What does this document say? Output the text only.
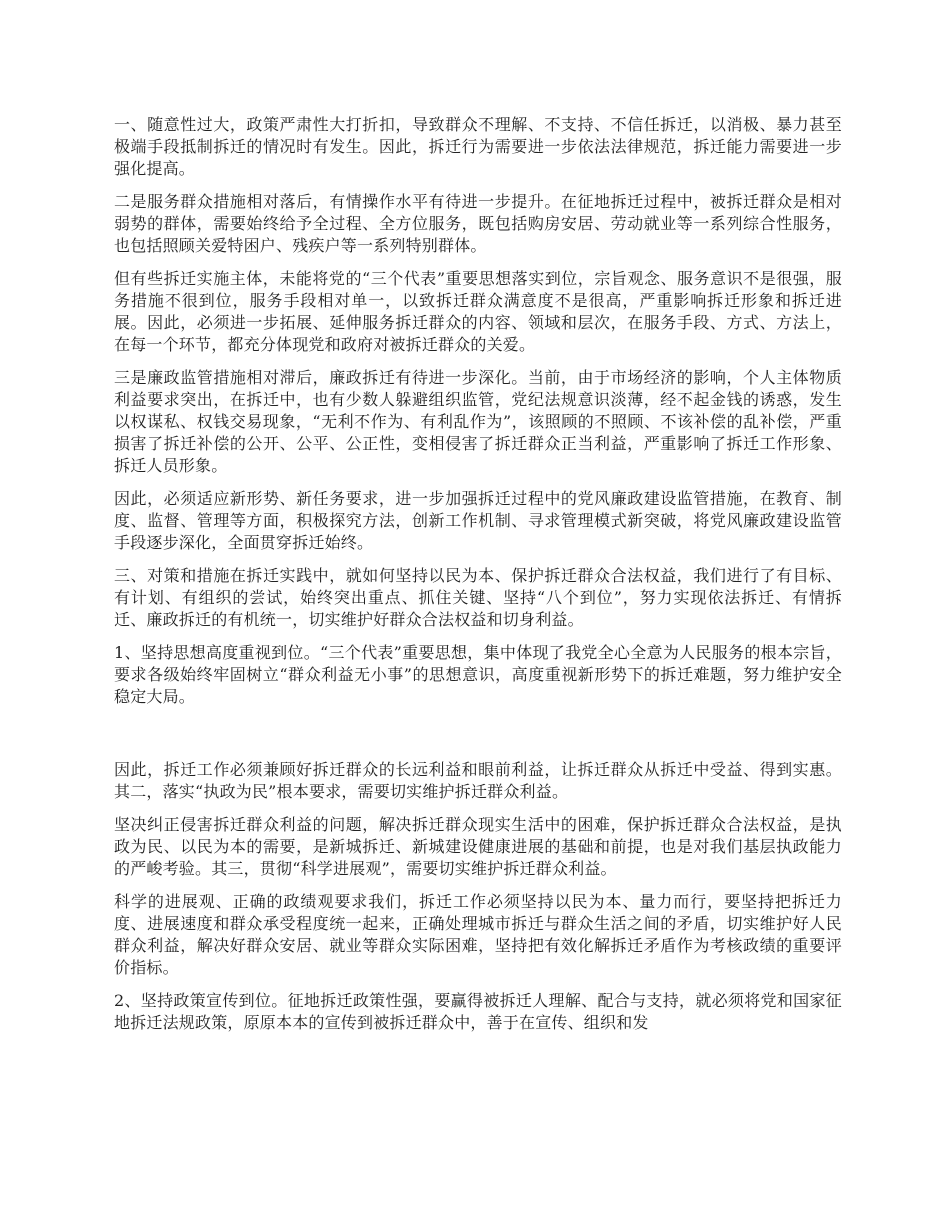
一、随意性过大，政策严肃性大打折扣，导致群众不理解、不支持、不信任拆迁，以消极、暴力甚至极端手段抵制拆迁的情况时有发生。因此，拆迁行为需要进一步依法法律规范，拆迁能力需要进一步强化提高。

二是服务群众措施相对落后，有情操作水平有待进一步提升。在征地拆迁过程中，被拆迁群众是相对弱势的群体，需要始终给予全过程、全方位服务，既包括购房安居、劳动就业等一系列综合性服务，也包括照顾关爱特困户、残疾户等一系列特别群体。

但有些拆迁实施主体，未能将党的“三个代表”重要思想落实到位，宗旨观念、服务意识不是很强，服务措施不很到位，服务手段相对单一，以致拆迁群众满意度不是很高，严重影响拆迁形象和拆迁进展。因此，必须进一步拓展、延伸服务拆迁群众的内容、领域和层次，在服务手段、方式、方法上，在每一个环节，都充分体现党和政府对被拆迁群众的关爱。

三是廉政监管措施相对滞后，廉政拆迁有待进一步深化。当前，由于市场经济的影响，个人主体物质利益要求突出，在拆迁中，也有少数人躲避组织监管，党纪法规意识淡薄，经不起金钱的诱惑，发生以权谋私、权钱交易现象，“无利不作为、有利乱作为”，该照顾的不照顾、不该补偿的乱补偿，严重损害了拆迁补偿的公开、公平、公正性，变相侵害了拆迁群众正当利益，严重影响了拆迁工作形象、拆迁人员形象。

因此，必须适应新形势、新任务要求，进一步加强拆迁过程中的党风廉政建设监管措施，在教育、制度、监督、管理等方面，积极探究方法，创新工作机制、寻求管理模式新突破，将党风廉政建设监管手段逐步深化，全面贯穿拆迁始终。

三、对策和措施在拆迁实践中，就如何坚持以民为本、保护拆迁群众合法权益，我们进行了有目标、有计划、有组织的尝试，始终突出重点、抓住关键、坚持“八个到位”，努力实现依法拆迁、有情拆迁、廉政拆迁的有机统一，切实维护好群众合法权益和切身利益。

1、坚持思想高度重视到位。“三个代表”重要思想，集中体现了我党全心全意为人民服务的根本宗旨，要求各级始终牢固树立“群众利益无小事”的思想意识，高度重视新形势下的拆迁难题，努力维护安全稳定大局。

因此，拆迁工作必须兼顾好拆迁群众的长远利益和眼前利益，让拆迁群众从拆迁中受益、得到实惠。其二，落实“执政为民”根本要求，需要切实维护拆迁群众利益。

坚决纠正侵害拆迁群众利益的问题，解决拆迁群众现实生活中的困难，保护拆迁群众合法权益，是执政为民、以民为本的需要，是新城拆迁、新城建设健康进展的基础和前提，也是对我们基层执政能力的严峻考验。其三，贯彻“科学进展观”，需要切实维护拆迁群众利益。

科学的进展观、正确的政绩观要求我们，拆迁工作必须坚持以民为本、量力而行，要坚持把拆迁力度、进展速度和群众承受程度统一起来，正确处理城市拆迁与群众生活之间的矛盾，切实维护好人民群众利益，解决好群众安居、就业等群众实际困难，坚持把有效化解拆迁矛盾作为考核政绩的重要评价指标。

2、坚持政策宣传到位。征地拆迁政策性强，要赢得被拆迁人理解、配合与支持，就必须将党和国家征地拆迁法规政策，原原本本的宣传到被拆迁群众中，善于在宣传、组织和发
